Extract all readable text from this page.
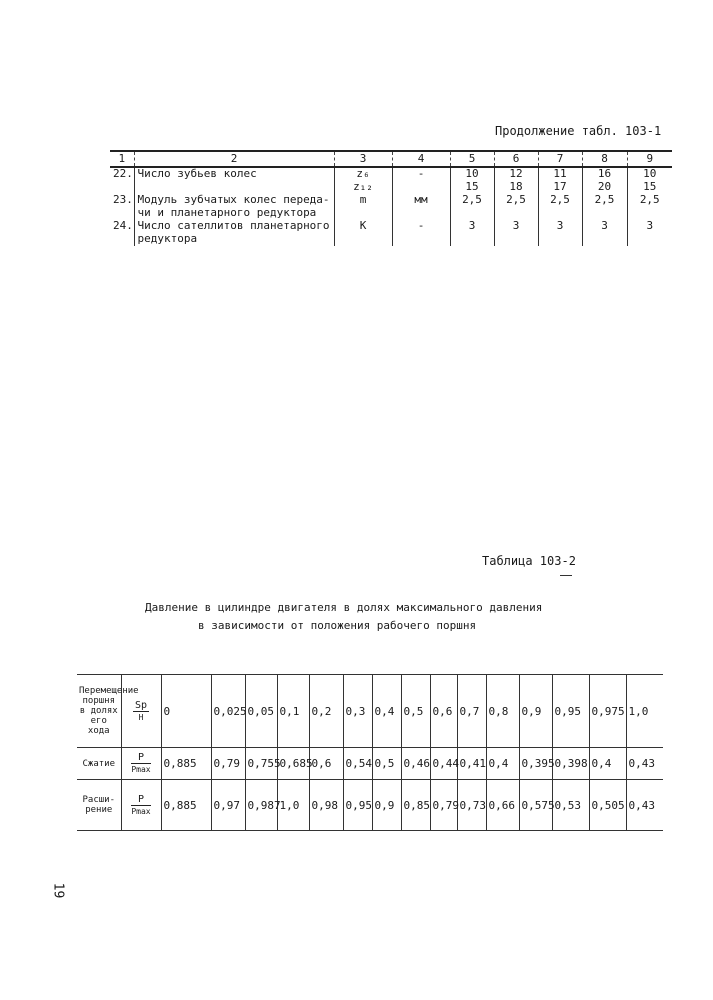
Продолжение табл. 103-1
1	2	3	4	5	6	7	8	9
22.	Число зубьев колес	z₆	-	10	12	11	16	10
		z₁₂		15	18	17	20	15
23.	Модуль зубчатых колес переда-	m	мм	2,5	2,5	2,5	2,5	2,5
	чи и планетарного редуктора							
24.	Число сателлитов планетарного	K	-	3	3	3	3	3
	редуктора							
Таблица 103-2
Давление в цилиндре двигателя в долях максимального давления
в зависимости от положения рабочего поршня
Перемещение поршня в долях его хода	$\frac{Sp}{H}$	0	0,025	0,05	0,1	0,2	0,3	0,4	0,5	0,6	0,7	0,8	0,9	0,95	0,975	1,0
Сжатие	$\frac{P}{Pmax}$	0,885	0,79	0,755	0,685	0,6	0,54	0,5	0,46	0,44	0,41	0,4	0,395	0,398	0,4	0,43
Расши-рение	$\frac{P}{Pmax}$	0,885	0,97	0,987	1,0	0,98	0,95	0,9	0,85	0,79	0,73	0,66	0,575	0,53	0,505	0,43
19
